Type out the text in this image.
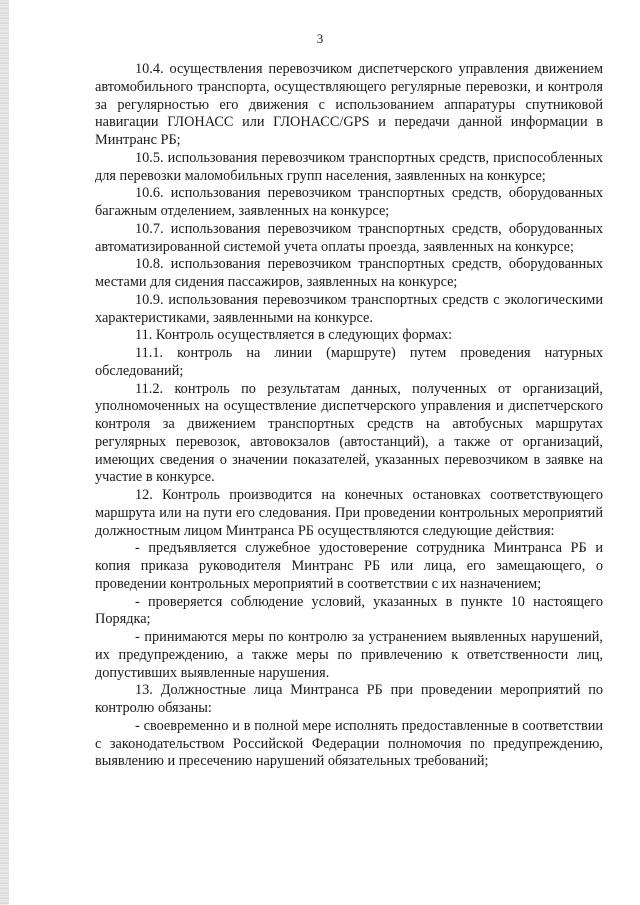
3

10.4. осуществления перевозчиком диспетчерского управления движением автомобильного транспорта, осуществляющего регулярные перевозки, и контроля за регулярностью его движения с использованием аппаратуры спутниковой навигации ГЛОНАСС или ГЛОНАСС/GPS и передачи данной информации в Минтранс РБ;

10.5. использования перевозчиком транспортных средств, приспособленных для перевозки маломобильных групп населения, заявленных на конкурсе;

10.6. использования перевозчиком транспортных средств, оборудованных багажным отделением, заявленных на конкурсе;

10.7. использования перевозчиком транспортных средств, оборудованных автоматизированной системой учета оплаты проезда, заявленных на конкурсе;

10.8. использования перевозчиком транспортных средств, оборудованных местами для сидения пассажиров, заявленных на конкурсе;

10.9. использования перевозчиком транспортных средств с экологическими характеристиками, заявленными на конкурсе.

11. Контроль осуществляется в следующих формах:

11.1. контроль на линии (маршруте) путем проведения натурных обследований;

11.2. контроль по результатам данных, полученных от организаций, уполномоченных на осуществление диспетчерского управления и диспетчерского контроля за движением транспортных средств на автобусных маршрутах регулярных перевозок, автовокзалов (автостанций), а также от организаций, имеющих сведения о значении показателей, указанных перевозчиком в заявке на участие в конкурсе.

12. Контроль производится на конечных остановках соответствующего маршрута или на пути его следования. При проведении контрольных мероприятий должностным лицом Минтранса РБ осуществляются следующие действия:

- предъявляется служебное удостоверение сотрудника Минтранса РБ и копия приказа руководителя Минтранс РБ или лица, его замещающего, о проведении контрольных мероприятий в соответствии с их назначением;

- проверяется соблюдение условий, указанных в пункте 10 настоящего Порядка;

- принимаются меры по контролю за устранением выявленных нарушений, их предупреждению, а также меры по привлечению к ответственности лиц, допустивших выявленные нарушения.

13. Должностные лица Минтранса РБ при проведении мероприятий по контролю обязаны:

- своевременно и в полной мере исполнять предоставленные в соответствии с законодательством Российской Федерации полномочия по предупреждению, выявлению и пресечению нарушений обязательных требований;
